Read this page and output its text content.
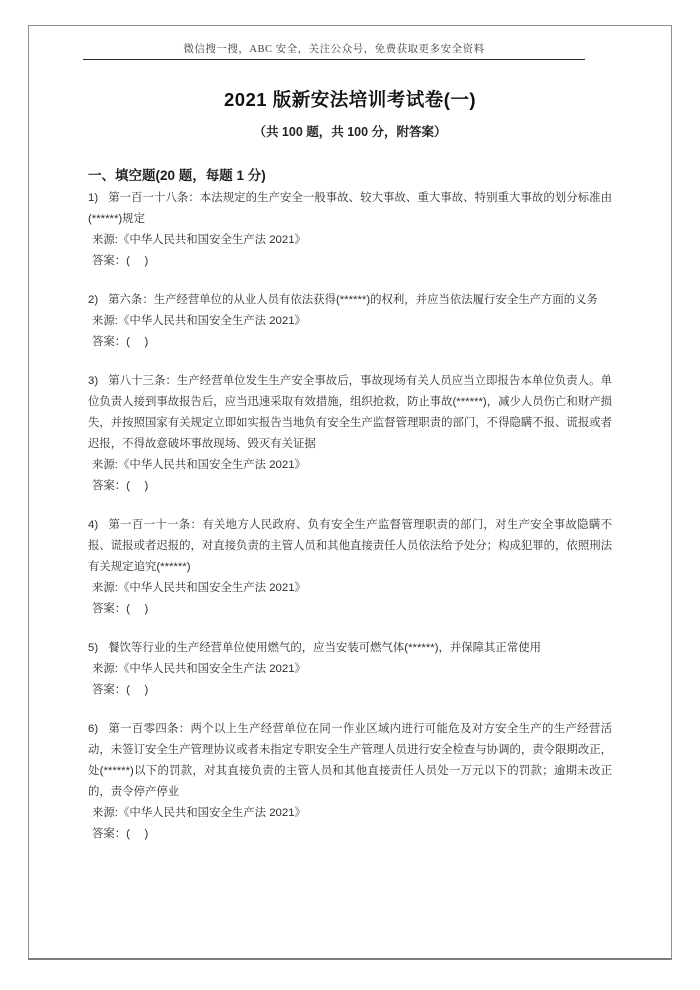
微信搜一搜，ABC 安全，关注公众号，免费获取更多安全资料
2021 版新安法培训考试卷(一)
（共 100 题，共 100 分，附答案）
一、填空题(20 题，每题 1 分)

1) 第一百一十八条：本法规定的生产安全一般事故、较大事故、重大事故、特别重大事故的划分标准由(******)规定

来源:《中华人民共和国安全生产法 2021》

答案：(　 )

2) 第六条：生产经营单位的从业人员有依法获得(******)的权利，并应当依法履行安全生产方面的义务

来源:《中华人民共和国安全生产法 2021》

答案：(　 )

3) 第八十三条：生产经营单位发生生产安全事故后，事故现场有关人员应当立即报告本单位负责人。单位负责人接到事故报告后，应当迅速采取有效措施，组织抢救，防止事故(******)，减少人员伤亡和财产损失，并按照国家有关规定立即如实报告当地负有安全生产监督管理职责的部门，不得隐瞒不报、谎报或者迟报，不得故意破坏事故现场、毁灭有关证据

来源:《中华人民共和国安全生产法 2021》

答案：(　 )

4) 第一百一十一条：有关地方人民政府、负有安全生产监督管理职责的部门，对生产安全事故隐瞒不报、谎报或者迟报的，对直接负责的主管人员和其他直接责任人员依法给予处分；构成犯罪的，依照刑法有关规定追究(******)

来源:《中华人民共和国安全生产法 2021》

答案：(　 )

5) 餐饮等行业的生产经营单位使用燃气的，应当安装可燃气体(******)，并保障其正常使用

来源:《中华人民共和国安全生产法 2021》

答案：(　 )

6) 第一百零四条：两个以上生产经营单位在同一作业区域内进行可能危及对方安全生产的生产经营活动，未签订安全生产管理协议或者未指定专职安全生产管理人员进行安全检查与协调的，责令限期改正，处(******)以下的罚款，对其直接负责的主管人员和其他直接责任人员处一万元以下的罚款；逾期未改正的，责令停产停业

来源:《中华人民共和国安全生产法 2021》

答案：(　 )
